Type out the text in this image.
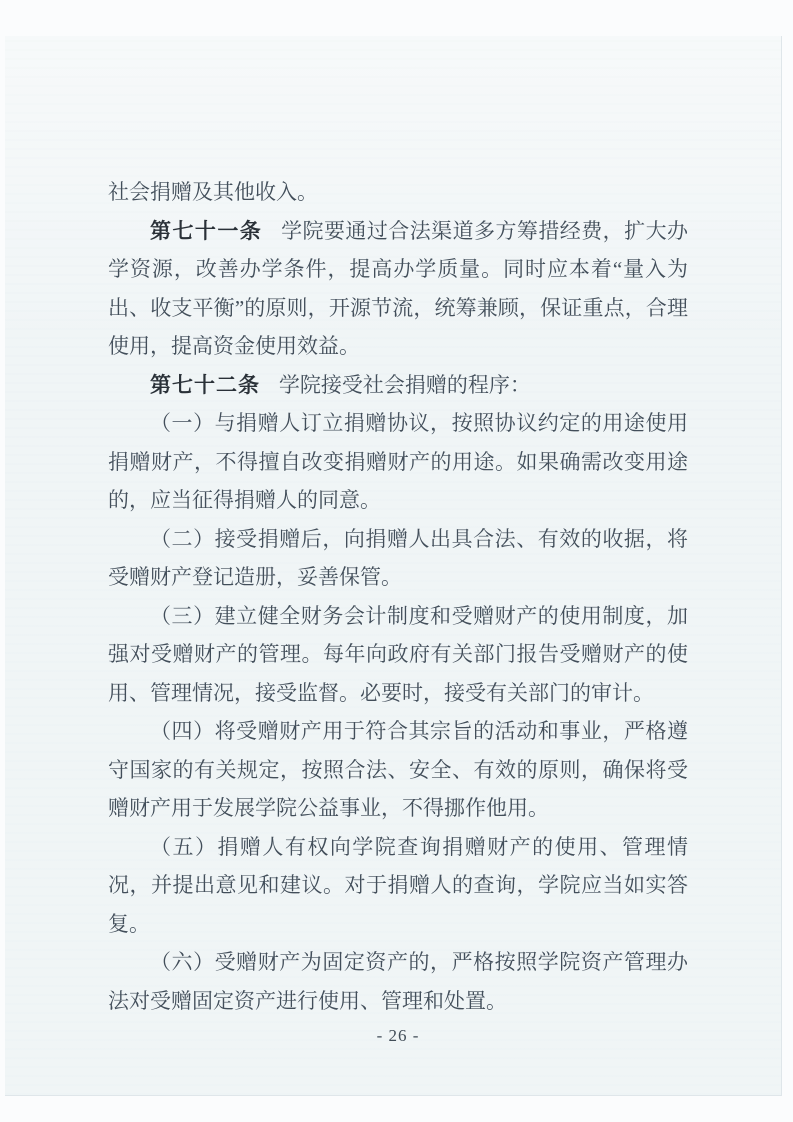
社会捐赠及其他收入。

第七十一条 学院要通过合法渠道多方筹措经费，扩大办学资源，改善办学条件，提高办学质量。同时应本着“量入为出、收支平衡”的原则，开源节流，统筹兼顾，保证重点，合理使用，提高资金使用效益。

第七十二条 学院接受社会捐赠的程序：

（一）与捐赠人订立捐赠协议，按照协议约定的用途使用捐赠财产，不得擅自改变捐赠财产的用途。如果确需改变用途的，应当征得捐赠人的同意。

（二）接受捐赠后，向捐赠人出具合法、有效的收据，将受赠财产登记造册，妥善保管。

（三）建立健全财务会计制度和受赠财产的使用制度，加强对受赠财产的管理。每年向政府有关部门报告受赠财产的使用、管理情况，接受监督。必要时，接受有关部门的审计。

（四）将受赠财产用于符合其宗旨的活动和事业，严格遵守国家的有关规定，按照合法、安全、有效的原则，确保将受赠财产用于发展学院公益事业，不得挪作他用。

（五）捐赠人有权向学院查询捐赠财产的使用、管理情况，并提出意见和建议。对于捐赠人的查询，学院应当如实答复。

（六）受赠财产为固定资产的，严格按照学院资产管理办法对受赠固定资产进行使用、管理和处置。

- 26 -
